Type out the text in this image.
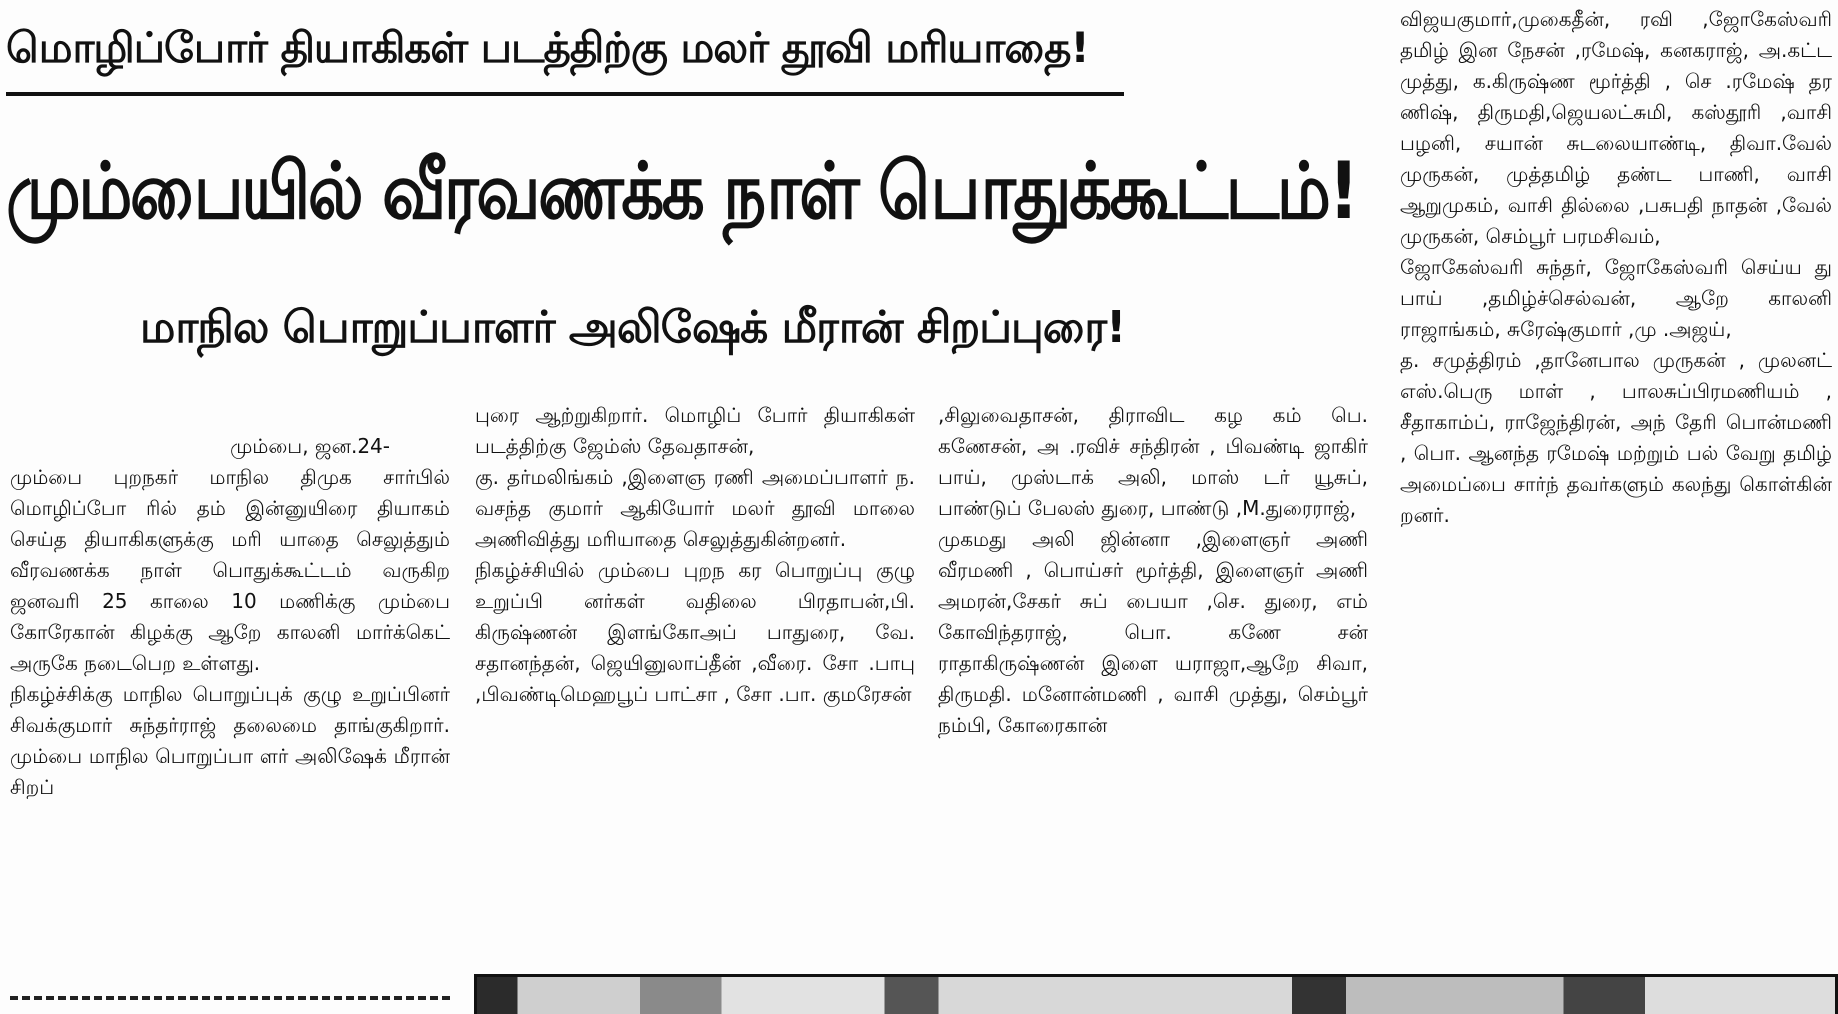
மொழிப்போர் தியாகிகள் படத்திற்கு மலர் தூவி மரியாதை!
மும்பையில் வீரவணக்க நாள் பொதுக்கூட்டம்!
மாநில பொறுப்பாளர் அலிஷேக் மீரான் சிறப்புரை!

மும்பை, ஜன.24-
மும்பை புறநகர் மாநில திமுக சார்பில் மொழிப்போ ரில் தம் இன்னுயிரை தியாகம் செய்த தியாகிகளுக்கு மரி யாதை செலுத்தும் வீரவணக்க நாள் பொதுக்கூட்டம் வருகிற ஜனவரி 25 காலை 10 மணிக்கு மும்பை கோரேகான் கிழக்கு ஆறே காலனி மார்க்கெட் அருகே நடைபெற உள்ளது.
நிகழ்ச்சிக்கு மாநில பொறுப்புக் குழு உறுப்பினர் சிவக்குமார் சுந்தர்ராஜ் தலைமை தாங்குகிறார். மும்பை மாநில பொறுப்பா ளர் அலிஷேக் மீரான் சிறப்

புரை ஆற்றுகிறார். மொழிப் போர் தியாகிகள் படத்திற்கு ஜேம்ஸ் தேவதாசன்,
கு. தர்மலிங்கம் ,இளைஞ ரணி அமைப்பாளர் ந. வசந்த குமார் ஆகியோர் மலர் தூவி மாலை அணிவித்து மரியாதை செலுத்துகின்றனர்.
நிகழ்ச்சியில் மும்பை புறந கர பொறுப்பு குழு உறுப்பி னர்கள் வதிலை பிரதாபன்,பி. கிருஷ்ணன் இளங்கோஅப் பாதுரை, வே. சதானந்தன், ஜெயினுலாப்தீன் ,வீரை. சோ .பாபு ,பிவண்டிமெஹபூப் பாட்சா , சோ .பா. குமரேசன்
,சிலுவைதாசன், திராவிட கழ கம் பெ. கணேசன், அ .ரவிச் சந்திரன் , பிவண்டி ஜாகிர் பாய், முஸ்டாக் அலி, மாஸ் டர் யூசுப், பாண்டுப் பேலஸ் துரை, பாண்டு ,M.துரைராஜ்,
முகமது அலி ஜின்னா ,இளைஞர் அணி வீரமணி , பொய்சர் மூர்த்தி, இளைஞர் அணி அமரன்,சேகர் சுப் பையா ,செ. துரை, எம் கோவிந்தராஜ், பொ. கணே சன் ராதாகிருஷ்ணன் இளை யராஜா,ஆறே சிவா, திருமதி. மனோன்மணி , வாசி முத்து, செம்பூர் நம்பி, கோரைகான்
விஜயகுமார்,முகைதீன், ரவி ,ஜோகேஸ்வரி தமிழ் இன நேசன் ,ரமேஷ், கனகராஜ், அ.கட்ட முத்து, க.கிருஷ்ண மூர்த்தி , செ .ரமேஷ் தர ணிஷ், திருமதி,ஜெயலட்சுமி, கஸ்தூரி ,வாசி பழனி, சயான் சுடலையாண்டி, திவா.வேல் முருகன், முத்தமிழ் தண்ட பாணி, வாசி ஆறுமுகம், வாசி தில்லை ,பசுபதி நாதன் ,வேல் முருகன், செம்பூர் பரமசிவம்,
ஜோகேஸ்வரி சுந்தர், ஜோகேஸ்வரி செய்ய து பாய் ,தமிழ்ச்செல்வன், ஆறே காலனி ராஜாங்கம், சுரேஷ்குமார் ,மு .அஜய்,
த. சமுத்திரம் ,தானேபால முருகன் , முலனட் எஸ்.பெரு மாள் , பாலசுப்பிரமணியம் , சீதாகாம்ப், ராஜேந்திரன், அந் தேரி பொன்மணி , பொ. ஆனந்த ரமேஷ் மற்றும் பல் வேறு தமிழ் அமைப்பை சார்ந் தவர்களும் கலந்து கொள்கின் றனர்.
